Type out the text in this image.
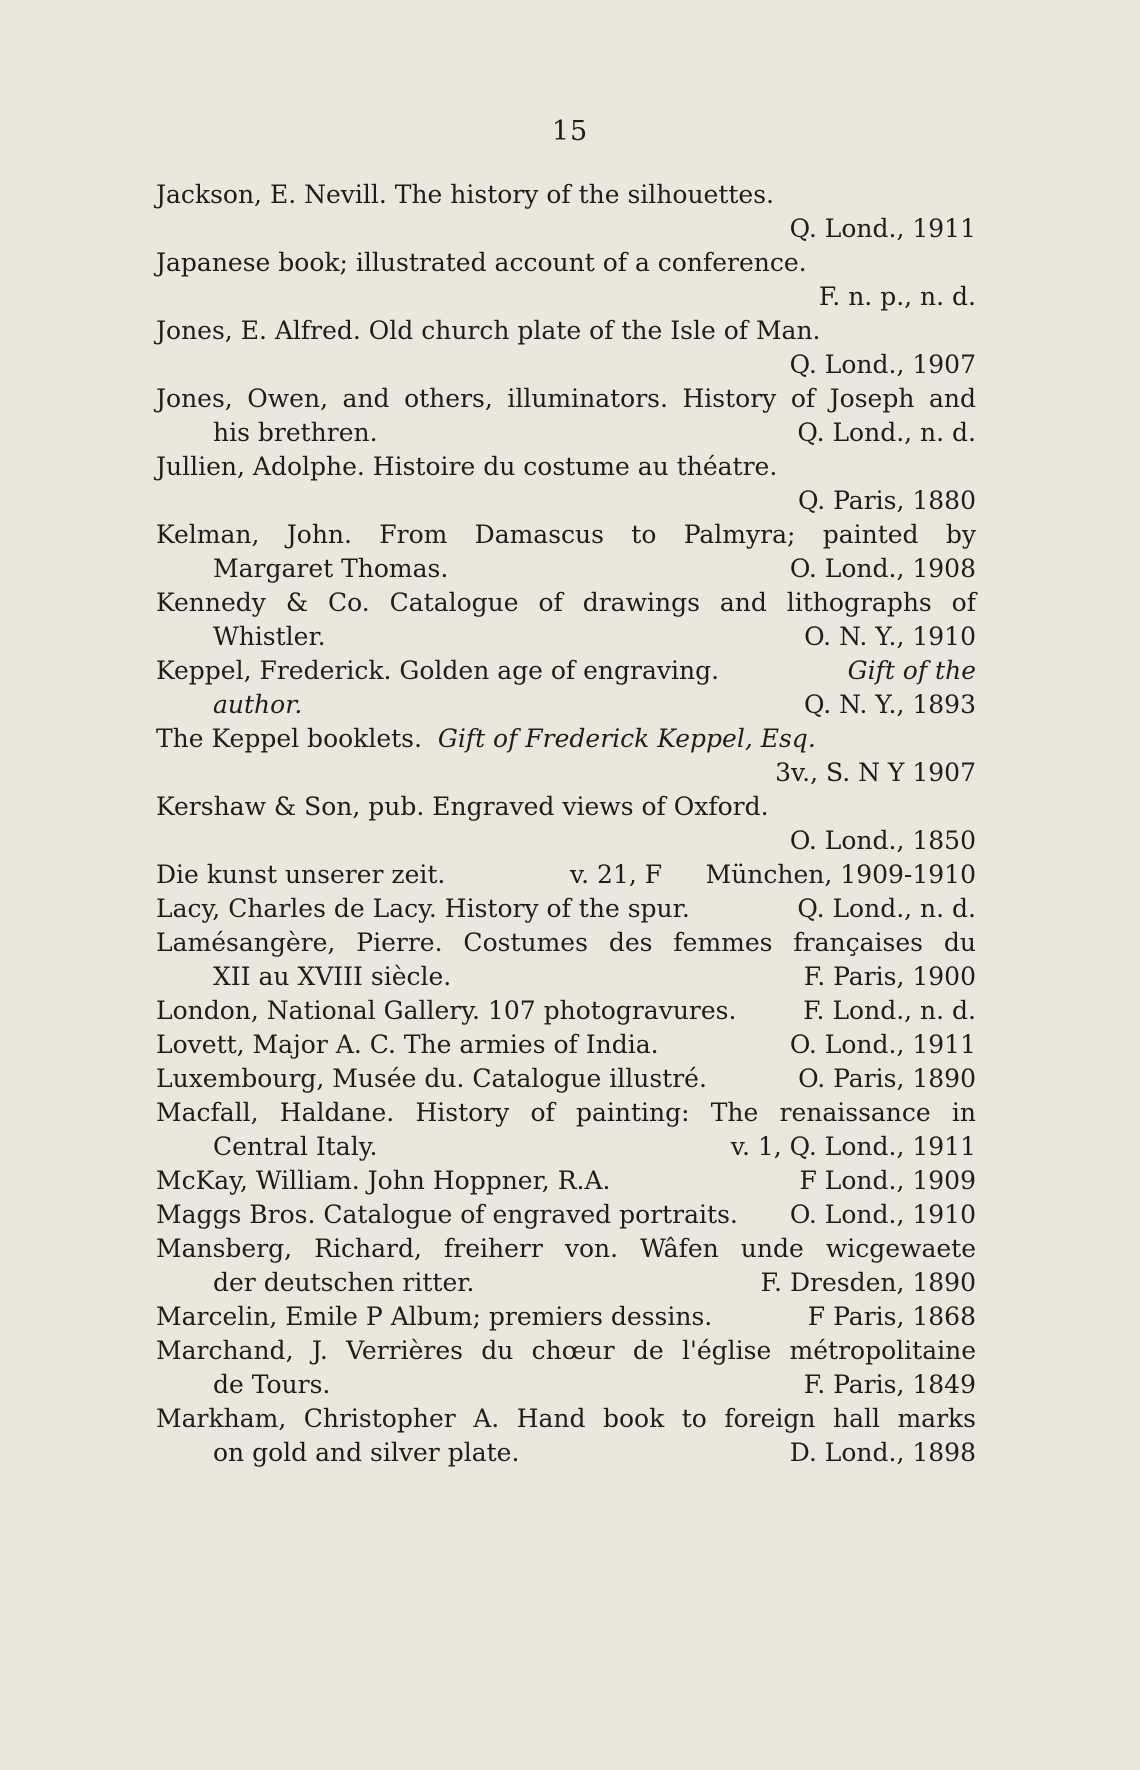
15
Jackson, E. Nevill. The history of the silhouettes.
Q. Lond., 1911
Japanese book; illustrated account of a conference.
F. n. p., n. d.
Jones, E. Alfred. Old church plate of the Isle of Man.
Q. Lond., 1907
Jones, Owen, and others, illuminators. History of Joseph and
his brethren.	Q. Lond., n. d.
Jullien, Adolphe. Histoire du costume au théatre.
Q. Paris, 1880
Kelman, John. From Damascus to Palmyra; painted by
Margaret Thomas.	O. Lond., 1908
Kennedy & Co. Catalogue of drawings and lithographs of
Whistler.	O. N. Y., 1910
Keppel, Frederick. Golden age of engraving.	Gift of the
author.	Q. N. Y., 1893
The Keppel booklets. Gift of Frederick Keppel, Esq.
3v., S. N Y 1907
Kershaw & Son, pub. Engraved views of Oxford.
O. Lond., 1850
Die kunst unserer zeit.	v. 21, F München, 1909-1910
Lacy, Charles de Lacy. History of the spur.	Q. Lond., n. d.
Lamésangère, Pierre. Costumes des femmes françaises du
XII au XVIII siècle.	F. Paris, 1900
London, National Gallery. 107 photogravures.	F. Lond., n. d.
Lovett, Major A. C. The armies of India.	O. Lond., 1911
Luxembourg, Musée du. Catalogue illustré.	O. Paris, 1890
Macfall, Haldane. History of painting: The renaissance in
Central Italy.	v. 1, Q. Lond., 1911
McKay, William. John Hoppner, R.A.	F Lond., 1909
Maggs Bros. Catalogue of engraved portraits. O. Lond., 1910
Mansberg, Richard, freiherr von. Wâfen unde wicgewaete
der deutschen ritter.	F. Dresden, 1890
Marcelin, Emile P Album; premiers dessins.	F Paris, 1868
Marchand, J. Verrières du chœur de l'église métropolitaine
de Tours.	F. Paris, 1849
Markham, Christopher A. Hand book to foreign hall marks
on gold and silver plate.	D. Lond., 1898
